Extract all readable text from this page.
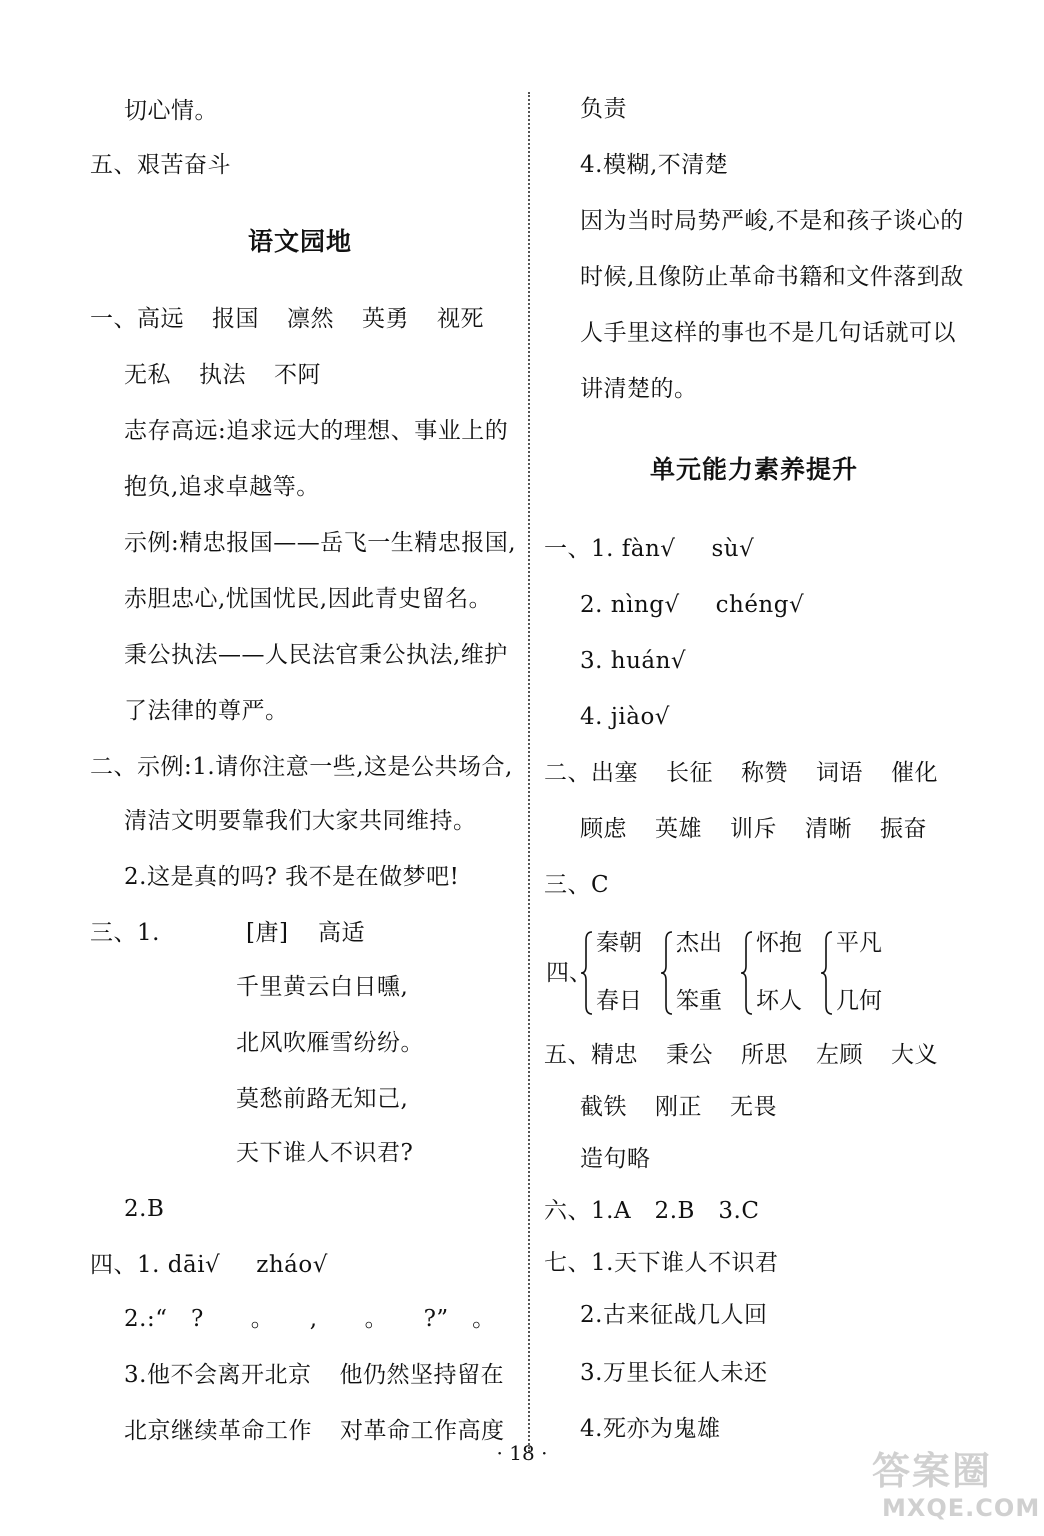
切心情。
五、艰苦奋斗
语文园地
一、高远 报国 凛然 英勇 视死
无私 执法 不阿
志存高远:追求远大的理想、事业上的
抱负,追求卓越等。
示例:精忠报国——岳飞一生精忠报国,
赤胆忠心,忧国忧民,因此青史留名。
秉公执法——人民法官秉公执法,维护
了法律的尊严。
二、示例:1.请你注意一些,这是公共场合,
清洁文明要靠我们大家共同维持。
2.这是真的吗? 我不是在做梦吧!
三、1.	[唐] 高适
千里黄云白日曛,
北风吹雁雪纷纷。
莫愁前路无知己,
天下谁人不识君?
2.B
四、1. dāi√ zháo√
2.:“　?　　。　　,　　。　　?”　。
3.他不会离开北京 他仍然坚持留在
北京继续革命工作 对革命工作高度
负责
4.模糊,不清楚
因为当时局势严峻,不是和孩子谈心的
时候,且像防止革命书籍和文件落到敌
人手里这样的事也不是几句话就可以
讲清楚的。
单元能力素养提升
一、1. fàn√ sù√
2. nìng√ chéng√
3. huán√
4. jiào√
二、出塞 长征 称赞 词语 催化
顾虑 英雄 训斥 清晰 振奋
三、C
四、
秦朝
春日
杰出
笨重
怀抱
坏人
平凡
几何
五、精忠 秉公 所思 左顾 大义
截铁 刚正 无畏
造句略
六、1.A　2.B　3.C
七、1.天下谁人不识君
2.古来征战几人回
3.万里长征人未还
4.死亦为鬼雄
· 18 ·	答案圈
MXQE.COM
